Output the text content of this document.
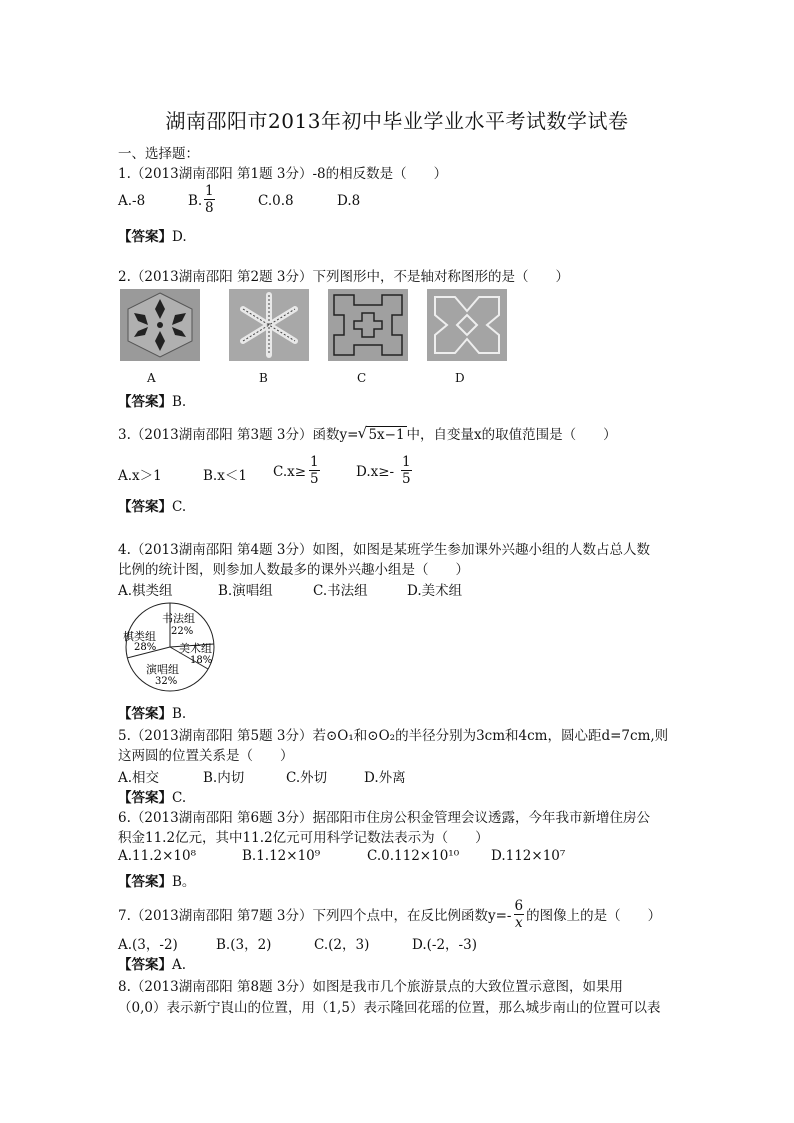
湖南邵阳市2013年初中毕业学业水平考试数学试卷
一、选择题：
1.（2013湖南邵阳 第1题 3分）-8的相反数是（　　）
A.-8	B. $\frac{1}{8}$	C.0.8	D.8
【答案】D.
2.（2013湖南邵阳 第2题 3分）下列图形中，不是轴对称图形的是（　　）
A	B	C	D
【答案】B.
3.（2013湖南邵阳 第3题 3分）函数y= √ 5x−1 中，自变量x的取值范围是（　　）
A.x＞1	B.x＜1 $C.x\ge \frac{1}{5}$	$D.x\ge- \frac{1}{5}$
【答案】C.
4.（2013湖南邵阳 第4题 3分）如图，如图是某班学生参加课外兴趣小组的人数占总人数
比例的统计图，则参加人数最多的课外兴趣小组是（　　）
A.棋类组	B.演唱组	C.书法组	D.美术组
书法组
22%
美术组
18%
演唱组
32%
棋类组
28%
【答案】B.
5.（2013湖南邵阳 第5题 3分）若⊙O₁和⊙O₂的半径分别为3cm和4cm，圆心距d=7cm,则
这两圆的位置关系是（　　）
A.相交	B.内切	C.外切	D.外离
【答案】C.
6.（2013湖南邵阳 第6题 3分）据邵阳市住房公积金管理会议透露，今年我市新增住房公
积金11.2亿元，其中11.2亿元可用科学记数法表示为（　　）
A.11.2×10⁸	B.1.12×10⁹	C.0.112×10¹⁰ D.112×10⁷
【答案】B。
7.（2013湖南邵阳 第7题 3分）下列四个点中，在反比例函数$y=- \frac{6}{x}$ 的图像上的是（　　）
A.(3，-2)	B.(3，2)	C.(2，3)	D.(-2，-3)
【答案】A.
8.（2013湖南邵阳 第8题 3分）如图是我市几个旅游景点的大致位置示意图，如果用
（0,0）表示新宁崀山的位置，用（1,5）表示隆回花瑶的位置，那么城步南山的位置可以表
